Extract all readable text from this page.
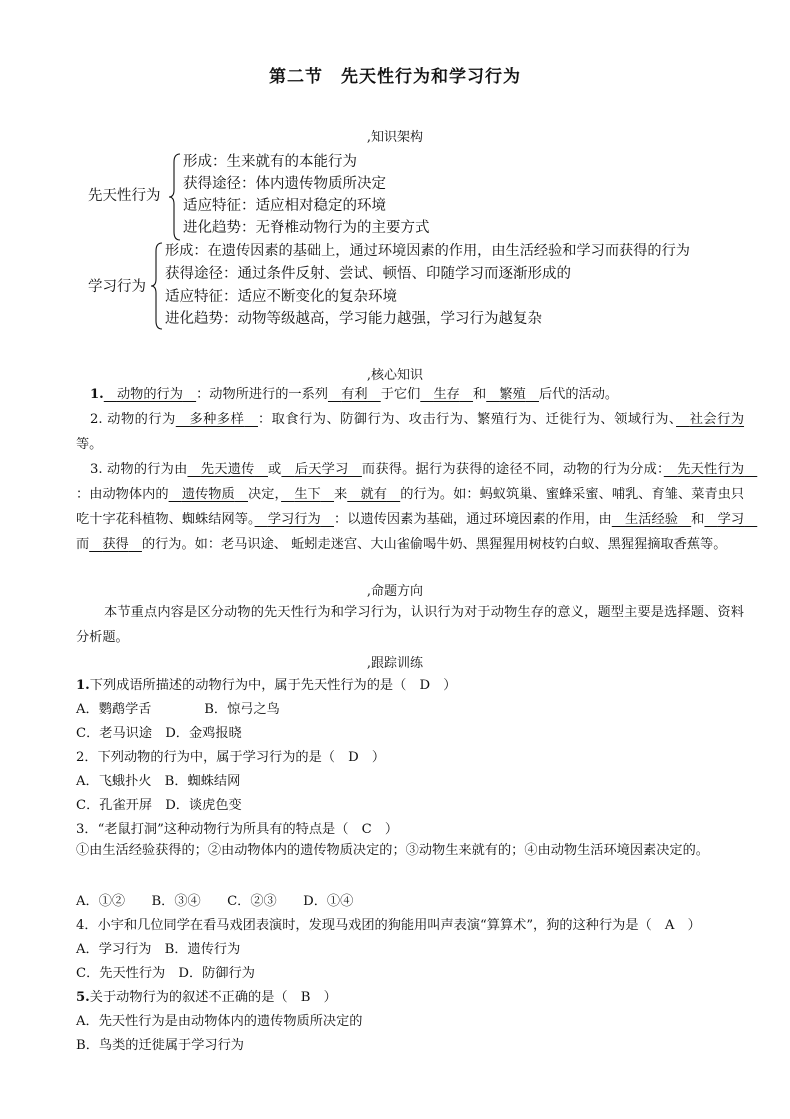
第二节　先天性行为和学习行为
,知识架构
先天性行为
形成：生来就有的本能行为
获得途径：体内遗传物质所决定
适应特征：适应相对稳定的环境
进化趋势：无脊椎动物行为的主要方式
学习行为
形成：在遗传因素的基础上，通过环境因素的作用，由生活经验和学习而获得的行为
获得途径：通过条件反射、尝试、顿悟、印随学习而逐渐形成的
适应特征：适应不断变化的复杂环境
进化趋势：动物等级越高，学习能力越强，学习行为越复杂
,核心知识
1.　 动物的行为　 ：动物所进行的一系列　 有利　 于它们　 生存　 和　 繁殖　 后代的活动。
2. 动物的行为　 多种多样　 ：取食行为、防御行为、攻击行为、繁殖行为、迁徙行为、领域行为、　 社会行为等。
3. 动物的行为由　 先天遗传　 或　 后天学习　 而获得。据行为获得的途径不同，动物的行为分成：　 先天性行为　：由动物体内的　 遗传物质　 决定，　 生下　 来　 就有　 的行为。如：蚂蚁筑巢、蜜蜂采蜜、哺乳、育雏、菜青虫只吃十字花科植物、蜘蛛结网等。　 学习行为　 ：以遗传因素为基础，通过环境因素的作用，由　 生活经验　 和　 学习　而　 获得　 的行为。如：老马识途、 蚯蚓走迷宫、大山雀偷喝牛奶、黑猩猩用树枝钓白蚁、黑猩猩摘取香蕉等。
,命题方向
本节重点内容是区分动物的先天性行为和学习行为，认识行为对于动物生存的意义，题型主要是选择题、资料分析题。
,跟踪训练
1.下列成语所描述的动物行为中，属于先天性行为的是（　D　）
A．鹦鹉学舌　　　　B．惊弓之鸟
C．老马识途　D．金鸡报晓
2．下列动物的行为中，属于学习行为的是（　D　）
A．飞蛾扑火　B．蜘蛛结网
C．孔雀开屏　D．谈虎色变
3．“老鼠打洞”这种动物行为所具有的特点是（　C　）
①由生活经验获得的；②由动物体内的遗传物质决定的；③动物生来就有的；④由动物生活环境因素决定的。
A．①②　　B．③④　　C．②③　　D．①④
4．小宇和几位同学在看马戏团表演时，发现马戏团的狗能用叫声表演“算算术”，狗的这种行为是（　A　）
A．学习行为　B．遗传行为
C．先天性行为　D．防御行为
5.关于动物行为的叙述不正确的是（　B　）
A．先天性行为是由动物体内的遗传物质所决定的
B．鸟类的迁徙属于学习行为
